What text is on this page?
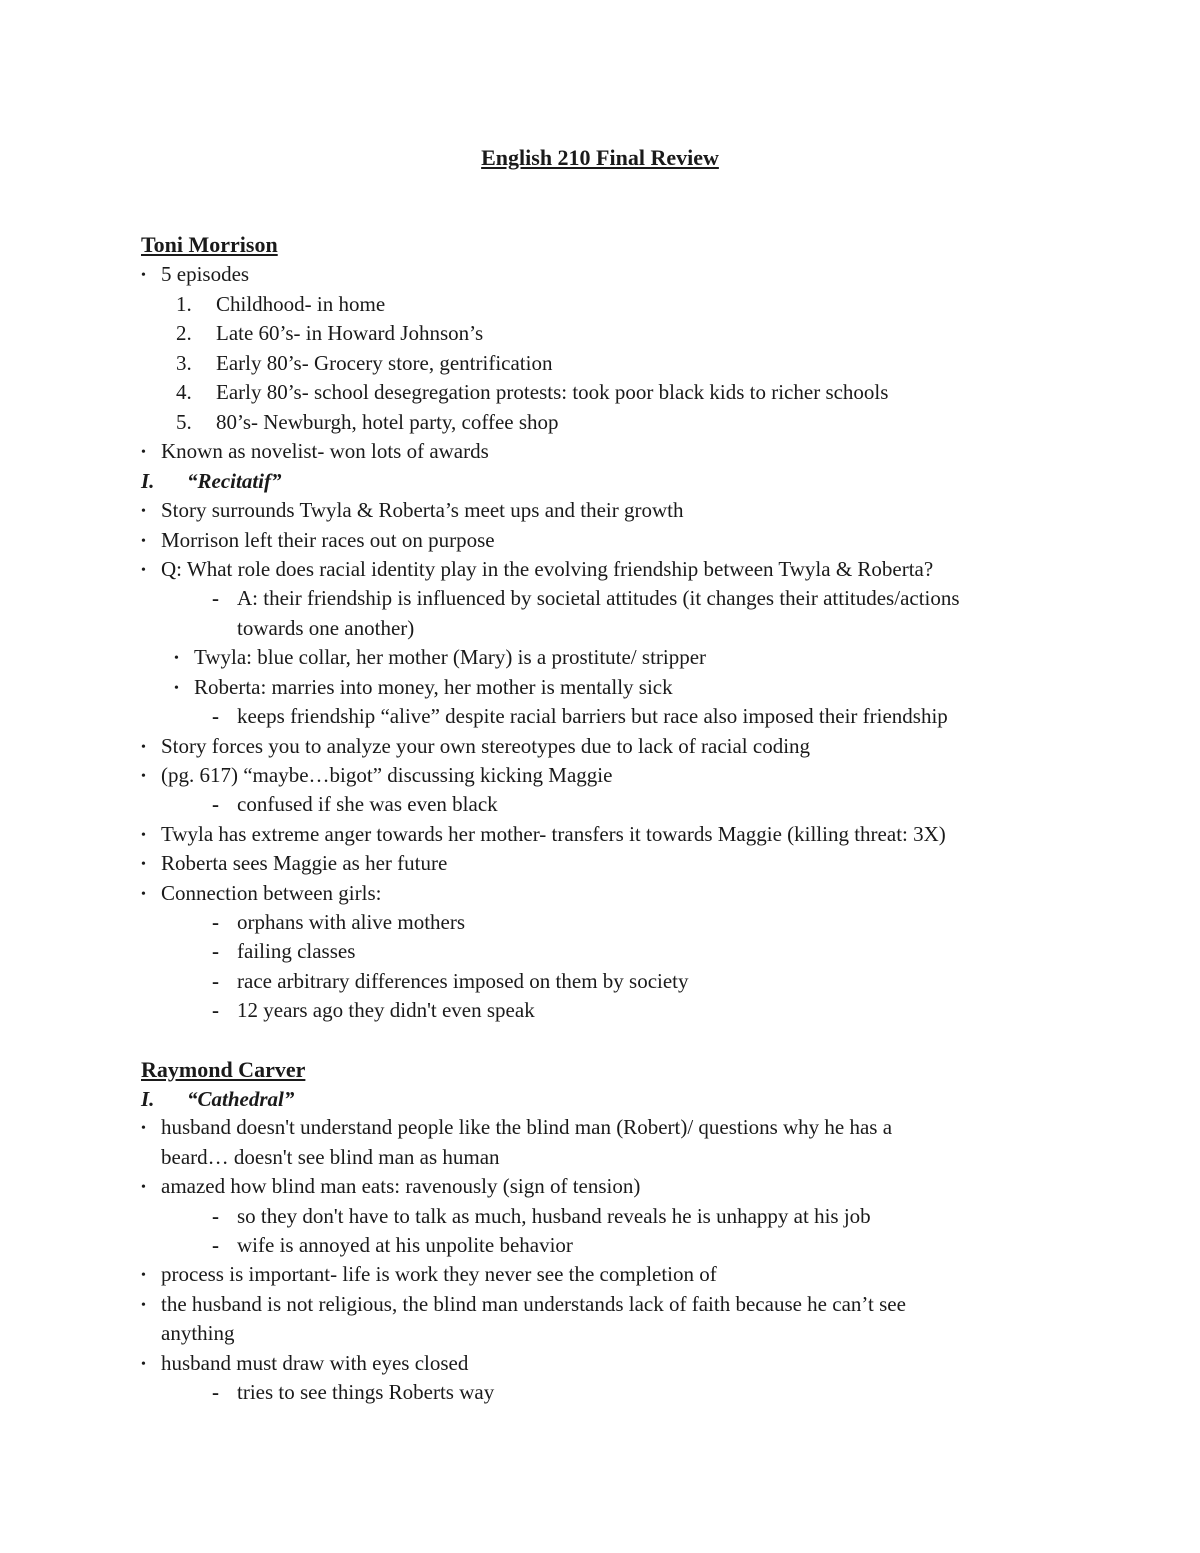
English 210 Final Review
Toni Morrison
• 5 episodes
1. Childhood- in home
2. Late 60’s- in Howard Johnson’s
3. Early 80’s- Grocery store, gentrification
4. Early 80’s- school desegregation protests: took poor black kids to richer schools
5. 80’s- Newburgh, hotel party, coffee shop
• Known as novelist- won lots of awards
I. “Recitatif”
• Story surrounds Twyla & Roberta’s meet ups and their growth
• Morrison left their races out on purpose
• Q: What role does racial identity play in the evolving friendship between Twyla & Roberta?
- A: their friendship is influenced by societal attitudes (it changes their attitudes/actions
towards one another)
• Twyla: blue collar, her mother (Mary) is a prostitute/ stripper
• Roberta: marries into money, her mother is mentally sick
- keeps friendship “alive” despite racial barriers but race also imposed their friendship
• Story forces you to analyze your own stereotypes due to lack of racial coding
• (pg. 617) “maybe…bigot” discussing kicking Maggie
- confused if she was even black
• Twyla has extreme anger towards her mother- transfers it towards Maggie (killing threat: 3X)
• Roberta sees Maggie as her future
• Connection between girls:
- orphans with alive mothers
- failing classes
- race arbitrary differences imposed on them by society
- 12 years ago they didn't even speak
Raymond Carver
I. “Cathedral”
• husband doesn't understand people like the blind man (Robert)/ questions why he has a
beard… doesn't see blind man as human
• amazed how blind man eats: ravenously (sign of tension)
- so they don't have to talk as much, husband reveals he is unhappy at his job
- wife is annoyed at his unpolite behavior
• process is important- life is work they never see the completion of
• the husband is not religious, the blind man understands lack of faith because he can’t see
anything
• husband must draw with eyes closed
- tries to see things Roberts way
